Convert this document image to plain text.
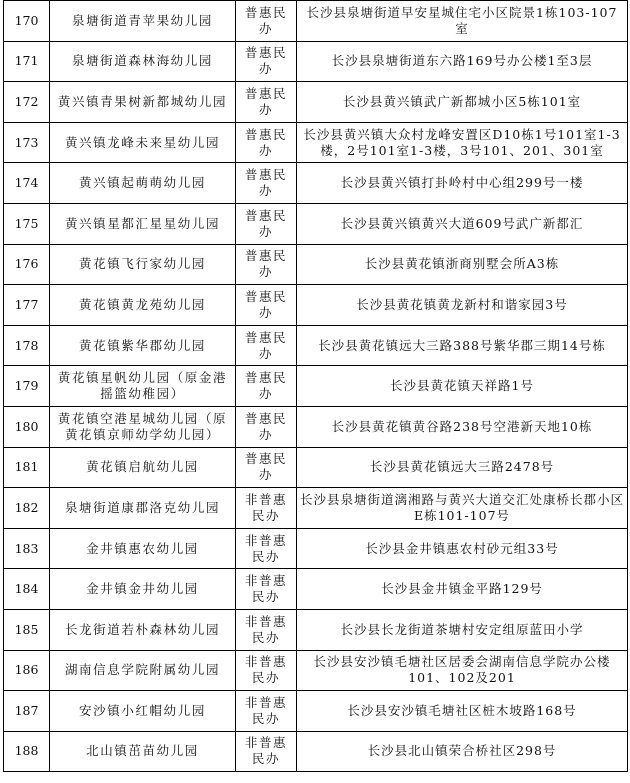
170	泉塘街道青苹果幼儿园	普惠民办	长沙县泉塘街道早安星城住宅小区院景1栋103-107室
171	泉塘街道森林海幼儿园	普惠民办	长沙县泉塘街道东六路169号办公楼1至3层
172	黄兴镇青果树新都城幼儿园	普惠民办	长沙县黄兴镇武广新都城小区5栋101室
173	黄兴镇龙峰未来星幼儿园	普惠民办	长沙县黄兴镇大众村龙峰安置区D10栋1号101室1-3楼，2号101室1-3楼，3号101、201、301室
174	黄兴镇起萌萌幼儿园	普惠民办	长沙县黄兴镇打卦岭村中心组299号一楼
175	黄兴镇星都汇星星幼儿园	普惠民办	长沙县黄兴镇黄兴大道609号武广新都汇
176	黄花镇飞行家幼儿园	普惠民办	长沙县黄花镇浙商别墅会所A3栋
177	黄花镇黄龙苑幼儿园	普惠民办	长沙县黄花镇黄龙新村和谐家园3号
178	黄花镇紫华郡幼儿园	普惠民办	长沙县黄花镇远大三路388号紫华郡三期14号栋
179	黄花镇星帆幼儿园（原金港摇篮幼稚园）	普惠民办	长沙县黄花镇天祥路1号
180	黄花镇空港星城幼儿园（原黄花镇京师幼学幼儿园）	普惠民办	长沙县黄花镇黄谷路238号空港新天地10栋
181	黄花镇启航幼儿园	普惠民办	长沙县黄花镇远大三路2478号
182	泉塘街道康郡洛克幼儿园	非普惠民办	长沙县泉塘街道漓湘路与黄兴大道交汇处康桥长郡小区E栋101-107号
183	金井镇惠农幼儿园	非普惠民办	长沙县金井镇惠农村砂元组33号
184	金井镇金井幼儿园	非普惠民办	长沙县金井镇金平路129号
185	长龙街道若朴森林幼儿园	非普惠民办	长沙县长龙街道茶塘村安定组原蓝田小学
186	湖南信息学院附属幼儿园	非普惠民办	长沙县安沙镇毛塘社区居委会湖南信息学院办公楼101、102及201
187	安沙镇小红帽幼儿园	非普惠民办	长沙县安沙镇毛塘社区桩木坡路168号
188	北山镇茁苗幼儿园	非普惠民办	长沙县北山镇荣合桥社区298号
